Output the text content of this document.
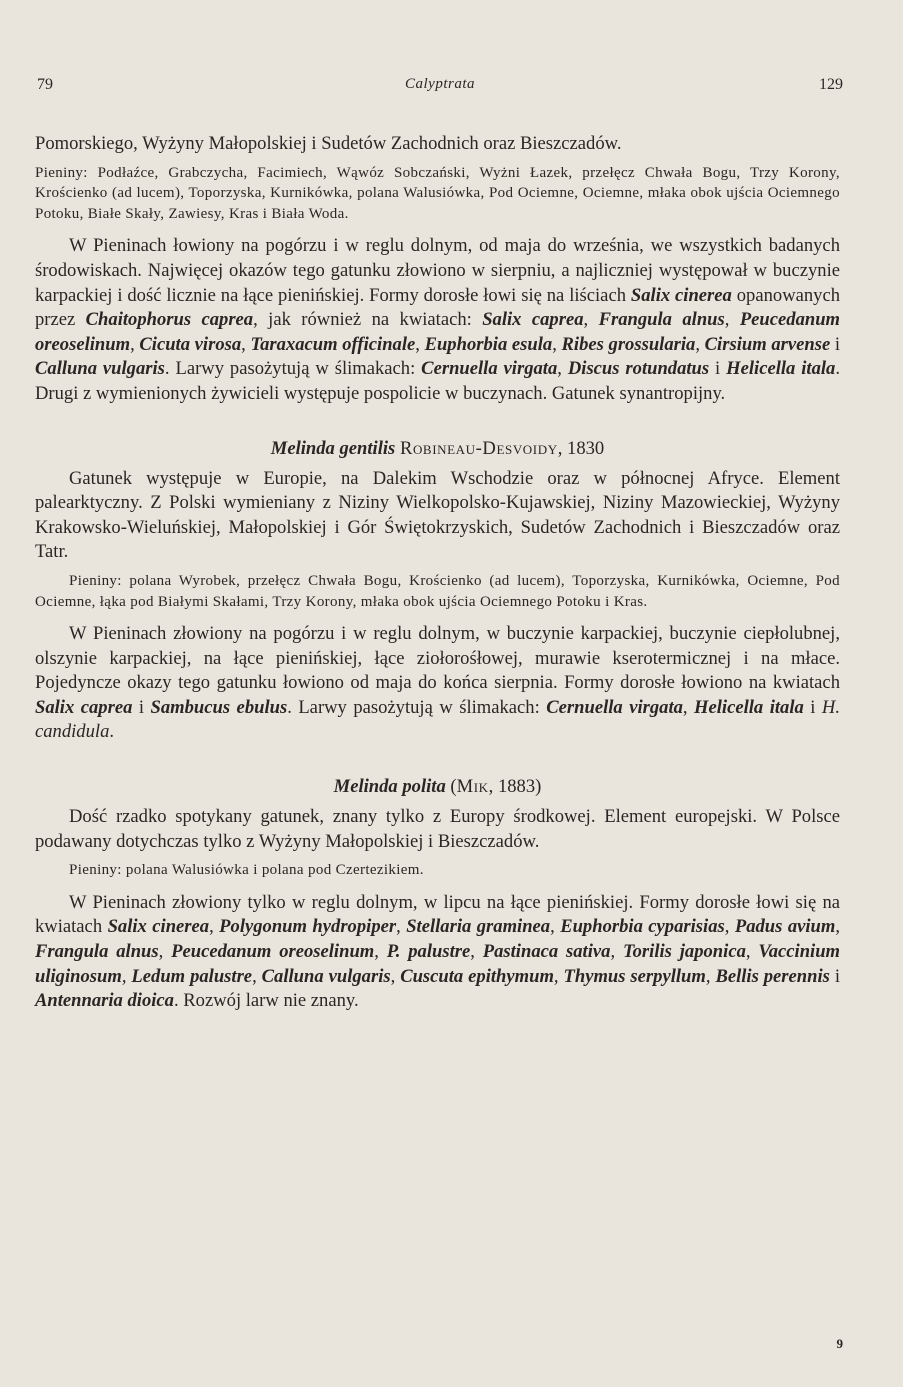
79	Calyptrata	129

Pomorskiego, Wyżyny Małopolskiej i Sudetów Zachodnich oraz Bieszczadów.

Pieniny: Podłaźce, Grabczycha, Facimiech, Wąwóz Sobczański, Wyżni Łazek, przełęcz Chwała Bogu, Trzy Korony, Krościenko (ad lucem), Toporzyska, Kurnikówka, polana Walusiówka, Pod Ociemne, Ociemne, młaka obok ujścia Ociemnego Potoku, Białe Skały, Zawiesy, Kras i Biała Woda.

W Pieninach łowiony na pogórzu i w reglu dolnym, od maja do września, we wszystkich badanych środowiskach. Najwięcej okazów tego gatunku złowiono w sierpniu, a najliczniej występował w buczynie karpackiej i dość licznie na łące pienińskiej. Formy dorosłe łowi się na liściach Salix cinerea opanowanych przez Chaitophorus caprea, jak również na kwiatach: Salix caprea, Frangula alnus, Peucedanum oreoselinum, Cicuta virosa, Taraxacum officinale, Euphorbia esula, Ribes grossularia, Cirsium arvense i Calluna vulgaris. Larwy pasożytują w ślimakach: Cernuella virgata, Discus rotundatus i Helicella itala. Drugi z wymienionych żywicieli występuje pospolicie w buczynach. Gatunek synantropijny.

Melinda gentilis Robineau-Desvoidy, 1830

Gatunek występuje w Europie, na Dalekim Wschodzie oraz w północnej Afryce. Element palearktyczny. Z Polski wymieniany z Niziny Wielkopolsko-Kujawskiej, Niziny Mazowieckiej, Wyżyny Krakowsko-Wieluńskiej, Małopolskiej i Gór Świętokrzyskich, Sudetów Zachodnich i Bieszczadów oraz Tatr.

Pieniny: polana Wyrobek, przełęcz Chwała Bogu, Krościenko (ad lucem), Toporzyska, Kurnikówka, Ociemne, Pod Ociemne, łąka pod Białymi Skałami, Trzy Korony, młaka obok ujścia Ociemnego Potoku i Kras.

W Pieninach złowiony na pogórzu i w reglu dolnym, w buczynie karpackiej, buczynie ciepłolubnej, olszynie karpackiej, na łące pienińskiej, łące ziołorośłowej, murawie kserotermicznej i na młace. Pojedyncze okazy tego gatunku łowiono od maja do końca sierpnia. Formy dorosłe łowiono na kwiatach Salix caprea i Sambucus ebulus. Larwy pasożytują w ślimakach: Cernuella virgata, Helicella itala i H. candidula.

Melinda polita (Mik, 1883)

Dość rzadko spotykany gatunek, znany tylko z Europy środkowej. Element europejski. W Polsce podawany dotychczas tylko z Wyżyny Małopolskiej i Bieszczadów.

Pieniny: polana Walusiówka i polana pod Czertezikiem.

W Pieninach złowiony tylko w reglu dolnym, w lipcu na łące pienińskiej. Formy dorosłe łowi się na kwiatach Salix cinerea, Polygonum hydropiper, Stellaria graminea, Euphorbia cyparisias, Padus avium, Frangula alnus, Peucedanum oreoselinum, P. palustre, Pastinaca sativa, Torilis japonica, Vaccinium uliginosum, Ledum palustre, Calluna vulgaris, Cuscuta epithymum, Thymus serpyllum, Bellis perennis i Antennaria dioica. Rozwój larw nie znany.

9
